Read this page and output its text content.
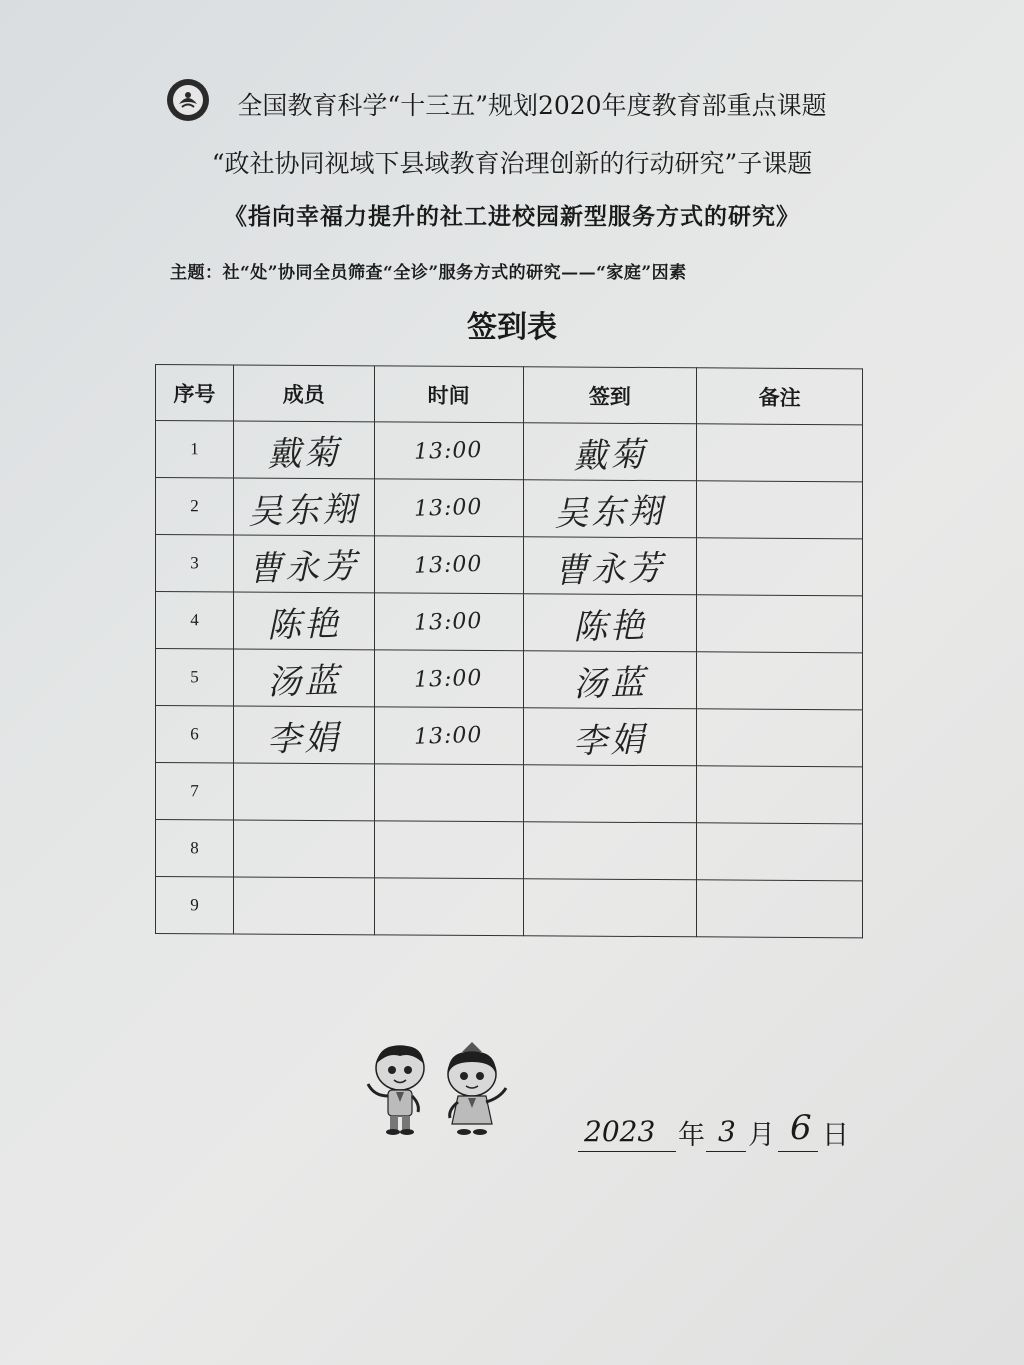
全国教育科学“十三五”规划2020年度教育部重点课题
“政社协同视域下县域教育治理创新的行动研究”子课题
《指向幸福力提升的社工进校园新型服务方式的研究》
主题：社“处”协同全员筛查“全诊”服务方式的研究——“家庭”因素
签到表
序号	成员	时间	签到	备注
1	戴菊	13:00	戴菊	
2	吴东翔	13:00	吴东翔	
3	曹永芳	13:00	曹永芳	
4	陈艳	13:00	陈艳	
5	汤蓝	13:00	汤蓝	
6	李娟	13:00	李娟	
7				
8				
9				
2023 年 3 月 6 日
